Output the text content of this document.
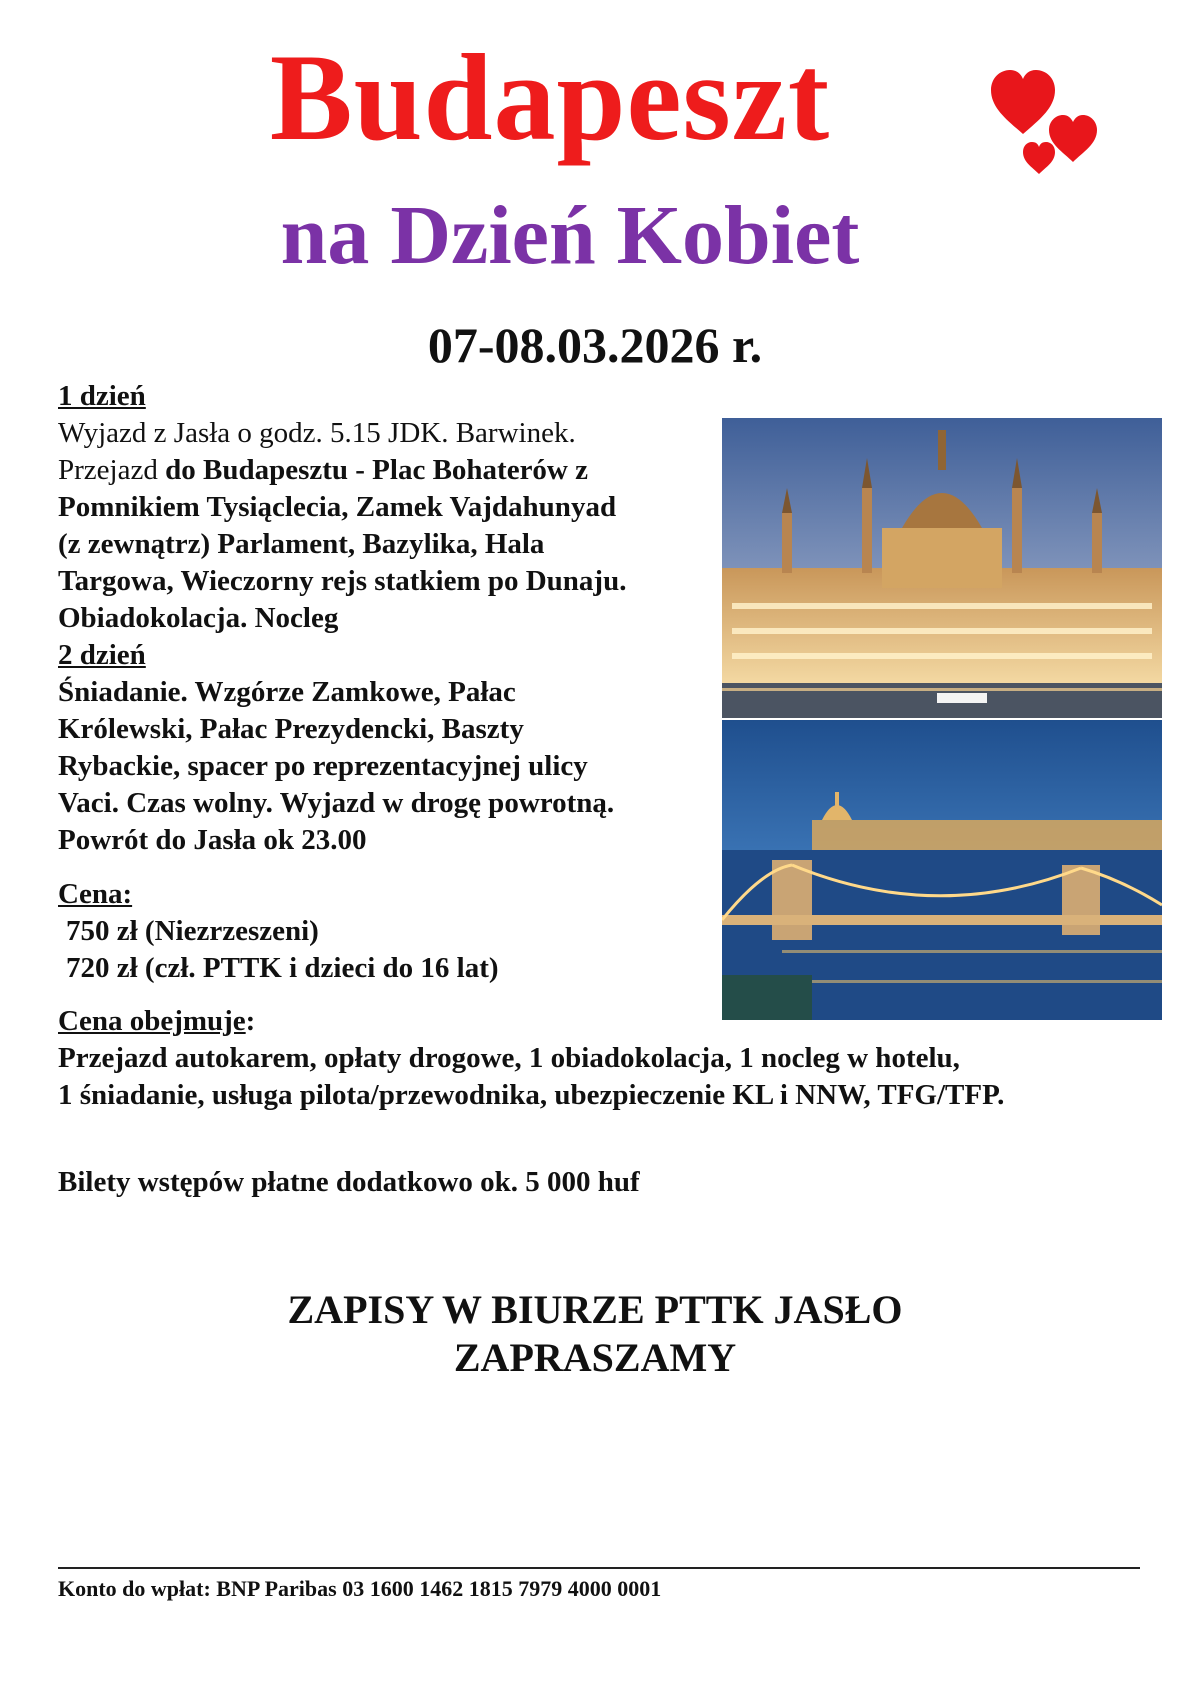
Budapeszt
na Dzień Kobiet
07-08.03.2026 r.
1 dzień
Wyjazd z Jasła o godz. 5.15 JDK. Barwinek.
Przejazd do Budapesztu - Plac Bohaterów z
Pomnikiem Tysiąclecia, Zamek Vajdahunyad
(z zewnątrz) Parlament, Bazylika, Hala
Targowa, Wieczorny rejs statkiem po Dunaju.
Obiadokolacja. Nocleg
2 dzień
Śniadanie. Wzgórze Zamkowe, Pałac
Królewski, Pałac Prezydencki, Baszty
Rybackie, spacer po reprezentacyjnej ulicy
Vaci. Czas wolny. Wyjazd w drogę powrotną.
Powrót do Jasła ok 23.00
Cena:
750 zł (Niezrzeszeni)
720 zł (czł. PTTK i dzieci do 16 lat)
Cena obejmuje:
Przejazd autokarem, opłaty drogowe, 1 obiadokolacja, 1 nocleg w hotelu,
1 śniadanie, usługa pilota/przewodnika, ubezpieczenie KL i NNW, TFG/TFP.
Bilety wstępów płatne dodatkowo ok. 5 000 huf
ZAPISY W BIURZE PTTK JASŁO
ZAPRASZAMY
Konto do wpłat: BNP Paribas 03 1600 1462 1815 7979 4000 0001
